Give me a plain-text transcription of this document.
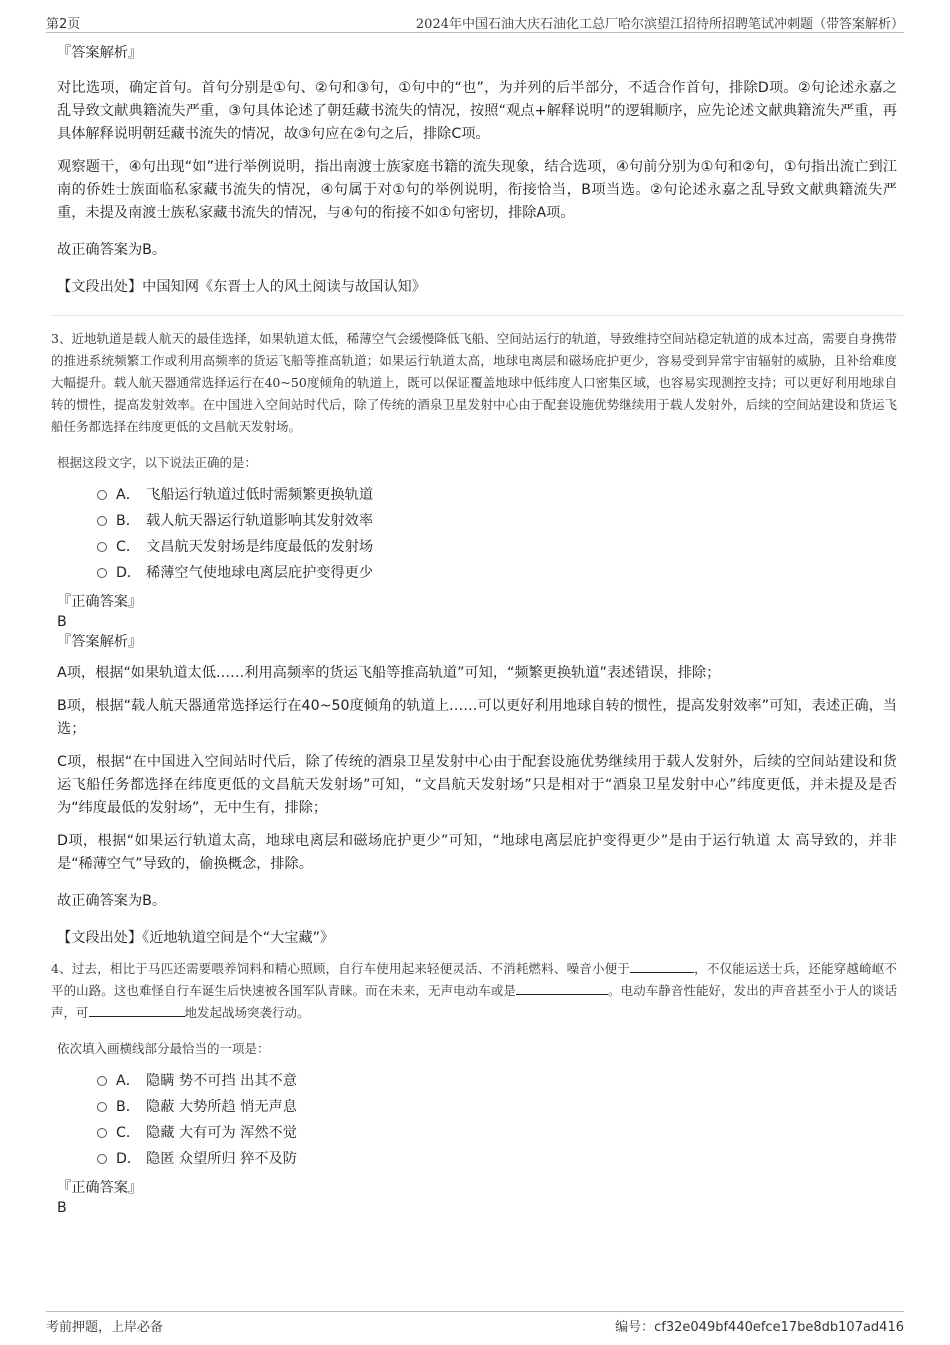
第2页	2024年中国石油大庆石油化工总厂哈尔滨望江招待所招聘笔试冲刺题（带答案解析）

『答案解析』

对比选项，确定首句。首句分别是①句、②句和③句，①句中的“也”，为并列的后半部分，不适合作首句，排除D项。②句论述永嘉之乱导致文献典籍流失严重，③句具体论述了朝廷藏书流失的情况，按照“观点+解释说明”的逻辑顺序，应先论述文献典籍流失严重，再具体解释说明朝廷藏书流失的情况，故③句应在②句之后，排除C项。

观察题干，④句出现“如”进行举例说明，指出南渡士族家庭书籍的流失现象，结合选项，④句前分别为①句和②句，①句指出流亡到江南的侨姓士族面临私家藏书流失的情况，④句属于对①句的举例说明，衔接恰当，B项当选。②句论述永嘉之乱导致文献典籍流失严重，未提及南渡士族私家藏书流失的情况，与④句的衔接不如①句密切，排除A项。

故正确答案为B。

【文段出处】中国知网《东晋士人的风土阅读与故国认知》

3、近地轨道是载人航天的最佳选择，如果轨道太低，稀薄空气会缓慢降低飞船、空间站运行的轨道，导致维持空间站稳定轨道的成本过高，需要自身携带的推进系统频繁工作或利用高频率的货运飞船等推高轨道；如果运行轨道太高，地球电离层和磁场庇护更少，容易受到异常宇宙辐射的威胁，且补给难度大幅提升。载人航天器通常选择运行在40~50度倾角的轨道上，既可以保证覆盖地球中低纬度人口密集区域，也容易实现测控支持；可以更好利用地球自转的惯性，提高发射效率。在中国进入空间站时代后，除了传统的酒泉卫星发射中心由于配套设施优势继续用于载人发射外，后续的空间站建设和货运飞船任务都选择在纬度更低的文昌航天发射场。

根据这段文字，以下说法正确的是：

A． 飞船运行轨道过低时需频繁更换轨道
B． 载人航天器运行轨道影响其发射效率
C． 文昌航天发射场是纬度最低的发射场
D． 稀薄空气使地球电离层庇护变得更少

『正确答案』

B

『答案解析』

A项，根据“如果轨道太低……利用高频率的货运飞船等推高轨道”可知，“频繁更换轨道”表述错误，排除；

B项，根据“载人航天器通常选择运行在40~50度倾角的轨道上……可以更好利用地球自转的惯性，提高发射效率”可知，表述正确，当选；

C项，根据“在中国进入空间站时代后，除了传统的酒泉卫星发射中心由于配套设施优势继续用于载人发射外，后续的空间站建设和货运飞船任务都选择在纬度更低的文昌航天发射场”可知，“文昌航天发射场”只是相对于“酒泉卫星发射中心”纬度更低，并未提及是否为“纬度最低的发射场”，无中生有，排除；

D项，根据“如果运行轨道太高，地球电离层和磁场庇护更少”可知，“地球电离层庇护变得更少”是由于运行轨道 太 高导致的，并非是“稀薄空气”导致的，偷换概念，排除。

故正确答案为B。

【文段出处】《近地轨道空间是个“大宝藏”》

4、过去，相比于马匹还需要喂养饲料和精心照顾，自行车使用起来轻便灵活、不消耗燃料、噪音小便于	，不仅能运送士兵，还能穿越崎岖不平的山路。这也难怪自行车诞生后快速被各国军队青睐。而在未来，无声电动车或是	。电动车静音性能好，发出的声音甚至小于人的谈话声，可	地发起战场突袭行动。

依次填入画横线部分最恰当的一项是：

A． 隐瞒 势不可挡 出其不意
B． 隐蔽 大势所趋 悄无声息
C． 隐藏 大有可为 浑然不觉
D． 隐匿 众望所归 猝不及防

『正确答案』

B

考前押题，上岸必备	编号：cf32e049bf440efce17be8db107ad416
